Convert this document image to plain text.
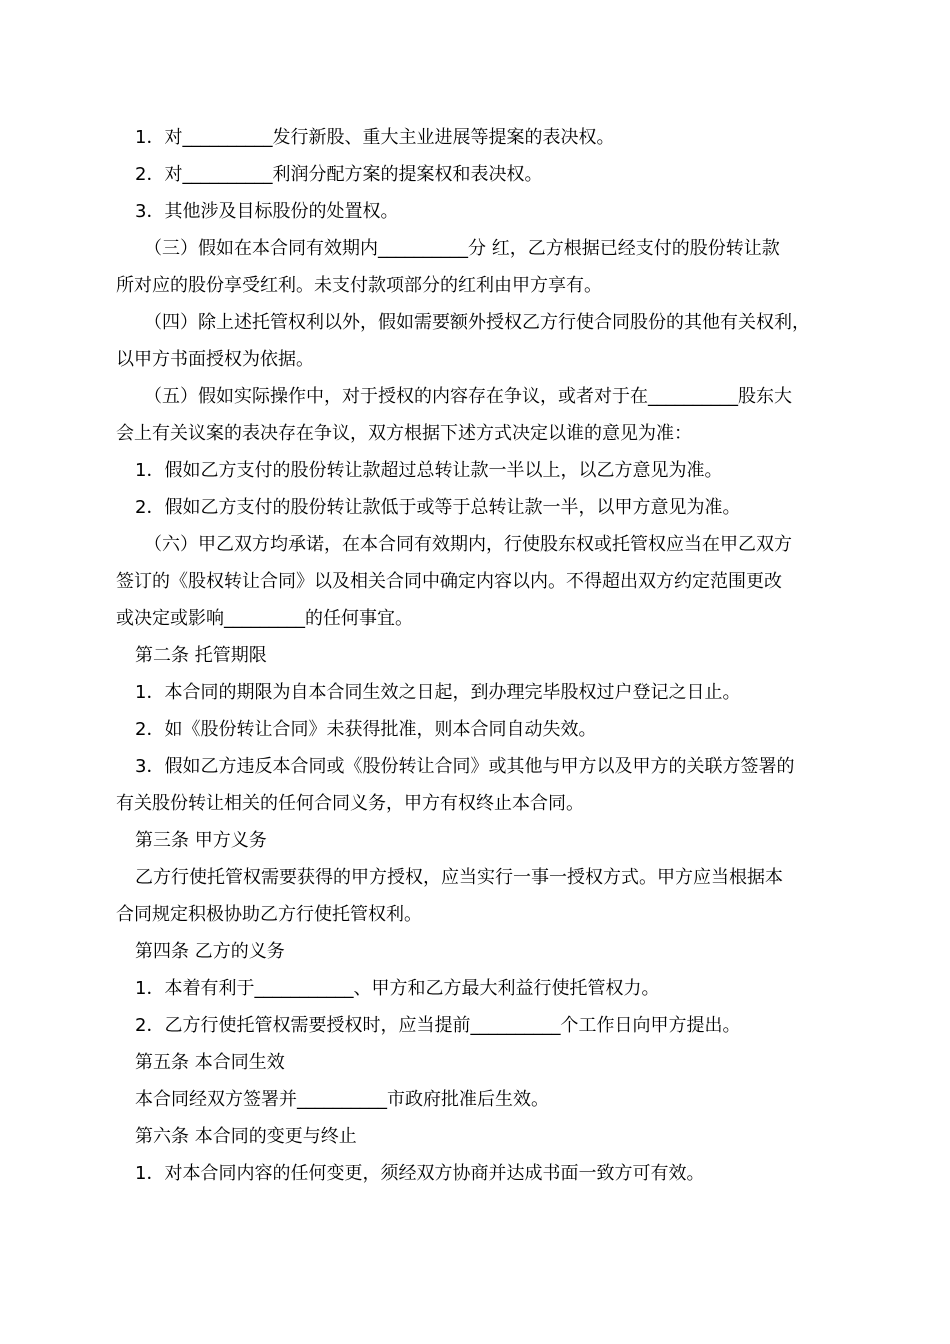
1．对__________发行新股、重大主业进展等提案的表决权。

2．对__________利润分配方案的提案权和表决权。

3．其他涉及目标股份的处置权。

（三）假如在本合同有效期内__________分 红，乙方根据已经支付的股份转让款

所对应的股份享受红利。未支付款项部分的红利由甲方享有。

（四）除上述托管权利以外，假如需要额外授权乙方行使合同股份的其他有关权利，

以甲方书面授权为依据。

（五）假如实际操作中，对于授权的内容存在争议，或者对于在__________股东大

会上有关议案的表决存在争议，双方根据下述方式决定以谁的意见为准：

1．假如乙方支付的股份转让款超过总转让款一半以上，以乙方意见为准。

2．假如乙方支付的股份转让款低于或等于总转让款一半，以甲方意见为准。

（六）甲乙双方均承诺，在本合同有效期内，行使股东权或托管权应当在甲乙双方

签订的《股权转让合同》以及相关合同中确定内容以内。不得超出双方约定范围更改

或决定或影响_________的任何事宜。

第二条 托管期限

1．本合同的期限为自本合同生效之日起，到办理完毕股权过户登记之日止。

2．如《股份转让合同》未获得批准，则本合同自动失效。

3．假如乙方违反本合同或《股份转让合同》或其他与甲方以及甲方的关联方签署的

有关股份转让相关的任何合同义务，甲方有权终止本合同。

第三条 甲方义务

乙方行使托管权需要获得的甲方授权，应当实行一事一授权方式。甲方应当根据本

合同规定积极协助乙方行使托管权利。

第四条 乙方的义务

1．本着有利于___________、甲方和乙方最大利益行使托管权力。

2．乙方行使托管权需要授权时，应当提前__________个工作日向甲方提出。

第五条 本合同生效

本合同经双方签署并__________市政府批准后生效。

第六条 本合同的变更与终止

1．对本合同内容的任何变更，须经双方协商并达成书面一致方可有效。
